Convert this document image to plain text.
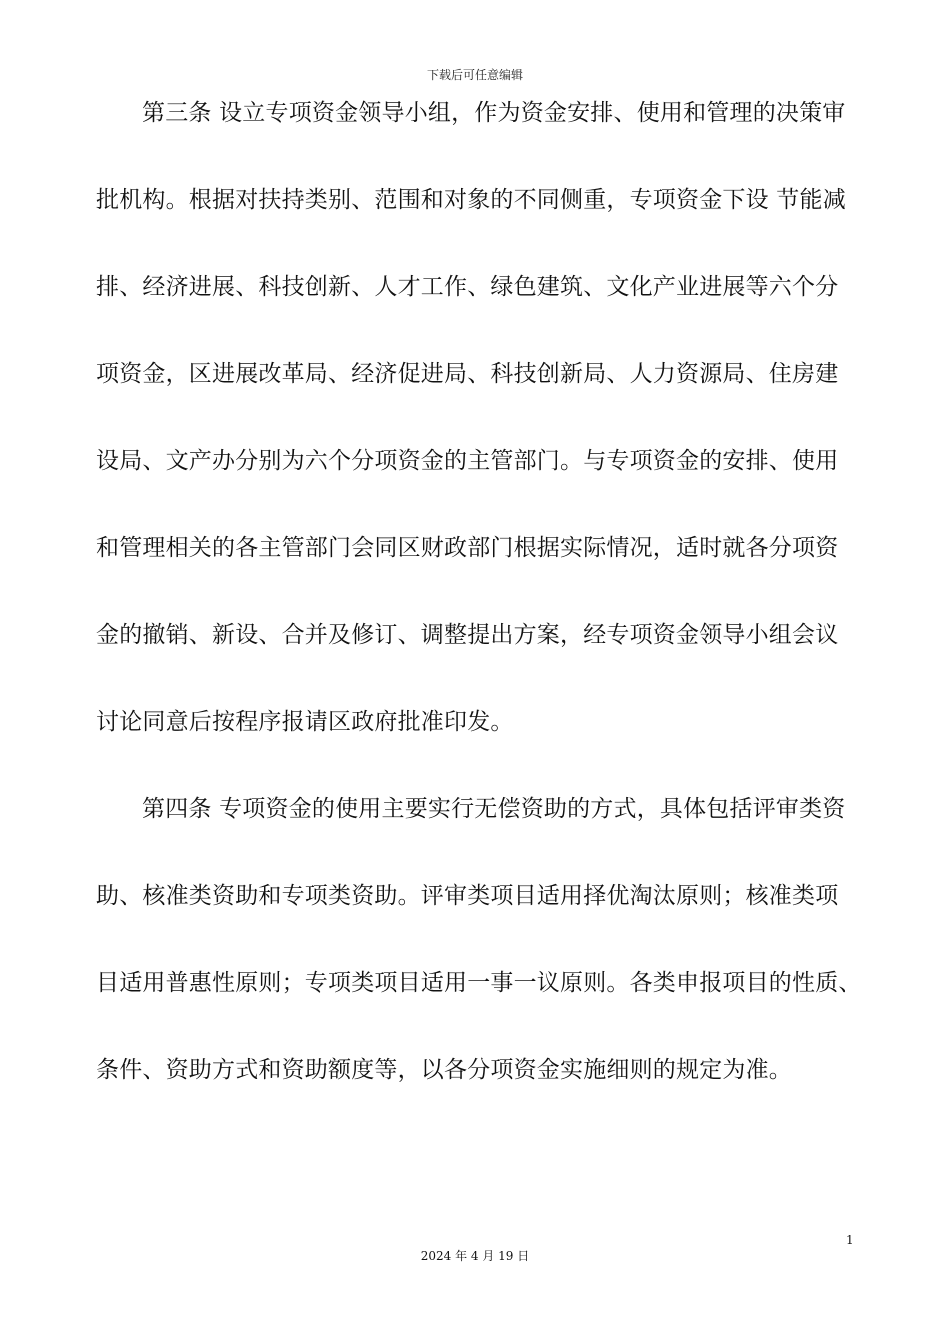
下载后可任意编辑
第三条 设立专项资金领导小组，作为资金安排、使用和管理的决策审
批机构。根据对扶持类别、范围和对象的不同侧重，专项资金下设 节能减
排、经济进展、科技创新、人才工作、绿色建筑、文化产业进展等六个分
项资金，区进展改革局、经济促进局、科技创新局、人力资源局、住房建
设局、文产办分别为六个分项资金的主管部门。与专项资金的安排、使用
和管理相关的各主管部门会同区财政部门根据实际情况，适时就各分项资
金的撤销、新设、合并及修订、调整提出方案，经专项资金领导小组会议
讨论同意后按程序报请区政府批准印发。
第四条 专项资金的使用主要实行无偿资助的方式，具体包括评审类资
助、核准类资助和专项类资助。评审类项目适用择优淘汰原则；核准类项
目适用普惠性原则；专项类项目适用一事一议原则。各类申报项目的性质、
条件、资助方式和资助额度等，以各分项资金实施细则的规定为准。
1
2024 年 4 月 19 日
